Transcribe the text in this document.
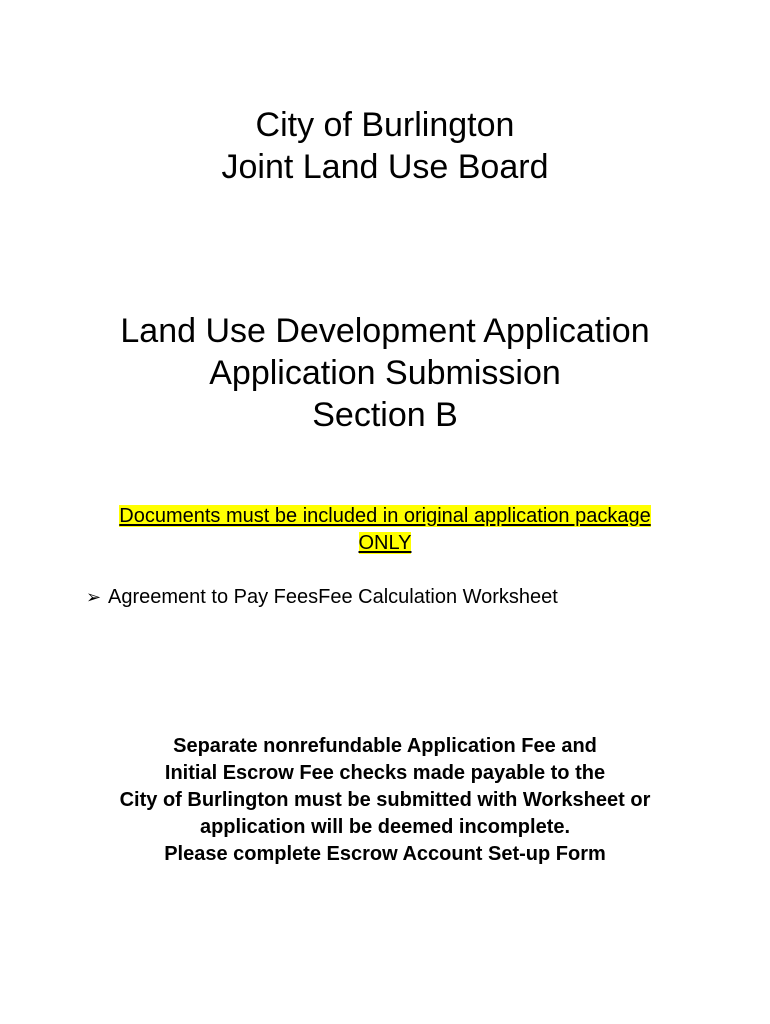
City of Burlington
Joint Land Use Board
Land Use Development Application
Application Submission
Section B
Documents must be included in original application package
ONLY
➢ Agreement to Pay FeesFee Calculation Worksheet
Separate nonrefundable Application Fee and
Initial Escrow Fee checks made payable to the
City of Burlington must be submitted with Worksheet or
application will be deemed incomplete.
Please complete Escrow Account Set-up Form
